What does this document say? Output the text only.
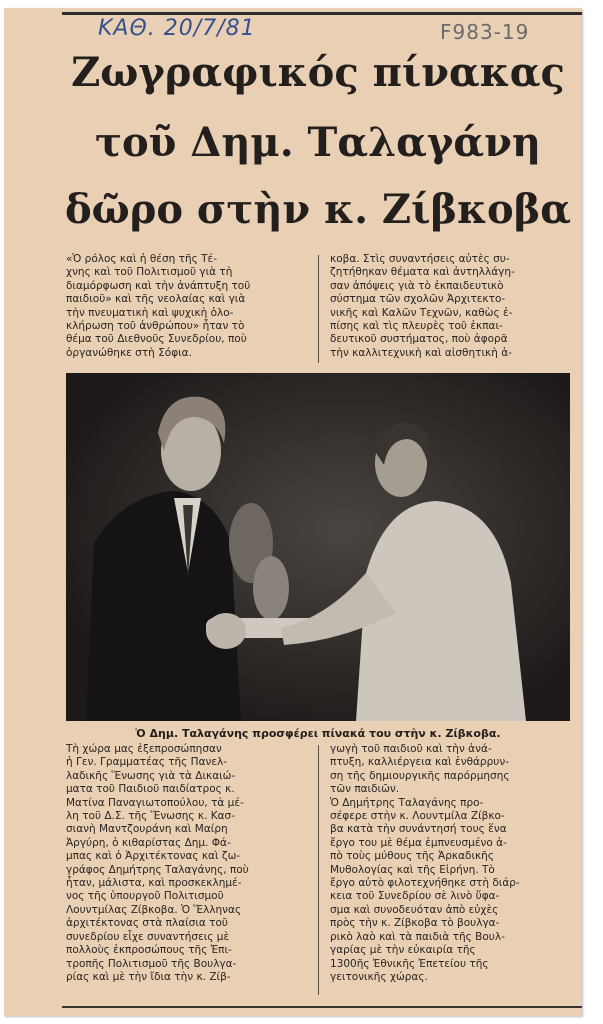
ΚΑΘ. 20/7/81	F983-19
Ζωγραφικός πίνακας
τοῦ Δημ. Ταλαγάνη
δῶρο στὴν κ. Ζίβκοβα

«Ὁ ρόλος καὶ ἡ θέση τῆς Τέ-

χνης καὶ τοῦ Πολιτισμοῦ γιὰ τὴ

διαμόρφωση καὶ τὴν ἀνάπτυξη τοῦ

παιδιοῦ» καὶ τῆς νεολαίας καὶ γιὰ

τὴν πνευματικὴ καὶ ψυχικὴ ὁλο-

κλήρωση τοῦ ἀνθρώπου» ἦταν τὸ

θέμα τοῦ Διεθνοῦς Συνεδρίου, ποὺ

ὀργανώθηκε στὴ Σόφια.

κοβα. Στὶς συναντήσεις αὐτὲς συ-

ζητήθηκαν θέματα καὶ ἀντηλλάγη-

σαν ἀπόψεις γιὰ τὸ ἐκπαιδευτικὸ

σύστημα τῶν σχολῶν Ἀρχιτεκτο-

νικῆς καὶ Καλῶν Τεχνῶν, καθὼς ἐ-

πίσης καὶ τὶς πλευρὲς τοῦ ἐκπαι-

δευτικοῦ συστήματος, ποὺ ἀφορᾶ

τὴν καλλιτεχνικὴ καὶ αἰσθητικὴ ἀ-

Ὁ Δημ. Ταλαγάνης προσφέρει πίνακά του στὴν κ. Ζίβκοβα.

Τὴ χώρα μας ἐξεπροσώπησαν

ἡ Γεν. Γραμματέας τῆς Πανελ-

λαδικῆς Ἕνωσης γιὰ τὰ Δικαιώ-

ματα τοῦ Παιδιοῦ παιδίατρος κ.

Ματίνα Παναγιωτοπούλου, τὰ μέ-

λη τοῦ Δ.Σ. τῆς Ἕνωσης κ. Κασ-

σιανὴ Μαντζουράνη καὶ Μαίρη

Ἀργύρη, ὁ κιθαρίστας Δημ. Φά-

μπας καὶ ὁ Ἀρχιτέκτονας καὶ ζω-

γράφος Δημήτρης Ταλαγάνης, ποὺ

ἦταν, μάλιστα, καὶ προσκεκλημέ-

νος τῆς ὑπουργοῦ Πολιτισμοῦ

Λουντμίλας Ζίβκοβα. Ὁ Ἕλληνας

ἀρχιτέκτονας στὰ πλαίσια τοῦ

συνεδρίου εἶχε συναντήσεις μὲ

πολλοὺς ἐκπροσώπους τῆς Ἐπι-

τροπῆς Πολιτισμοῦ τῆς Βουλγα-

ρίας καὶ μὲ τὴν ἴδια τὴν κ. Ζίβ-

γωγὴ τοῦ παιδιοῦ καὶ τὴν ἀνά-

πτυξη, καλλιέργεια καὶ ἐνθάρρυν-

ση τῆς δημιουργικῆς παρόρμησης

τῶν παιδιῶν.

Ὁ Δημήτρης Ταλαγάνης προ-

σέφερε στὴν κ. Λουντμίλα Ζίβκο-

βα κατὰ τὴν συνάντησή τους ἕνα

ἔργο του μὲ θέμα ἐμπνευσμένο ἀ-

πὸ τοὺς μύθους τῆς Ἀρκαδικῆς

Μυθολογίας καὶ τῆς Εἰρήνη. Τὸ

ἔργο αὐτὸ φιλοτεχνήθηκε στὴ διάρ-

κεια τοῦ Συνεδρίου σὲ λινὸ ὕφα-

σμα καὶ συνοδευόταν ἀπὸ εὐχὲς

πρὸς τὴν κ. Ζίβκοβα τὸ βουλγα-

ρικὸ λαὸ καὶ τὰ παιδιὰ τῆς Βουλ-

γαρίας μὲ τὴν εὐκαιρία τῆς

1300ῆς Ἐθνικῆς Ἐπετείου τῆς

γειτονικῆς χώρας.
